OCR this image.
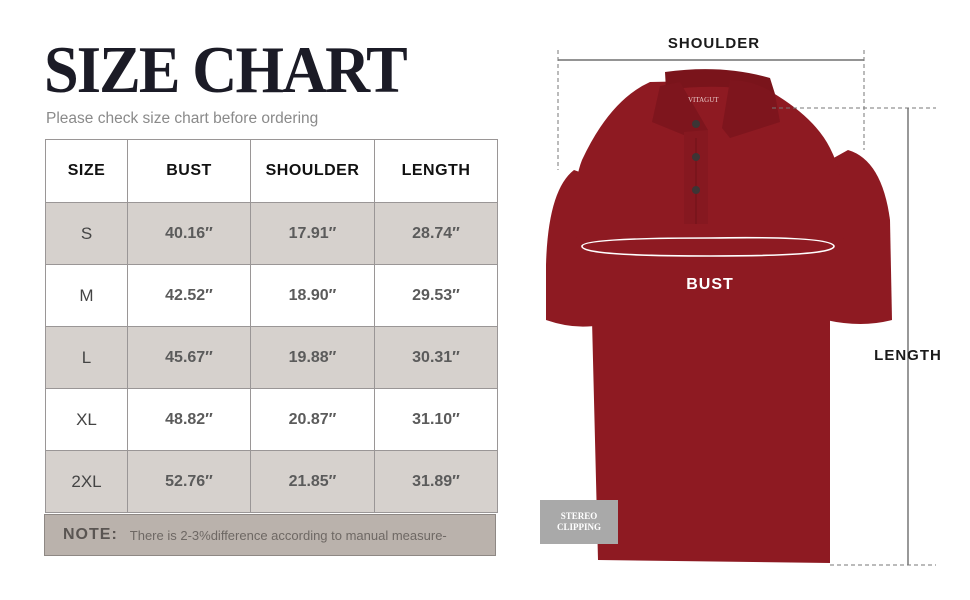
SIZE CHART
Please check size chart before ordering
SIZE	BUST	SHOULDER	LENGTH
S	40.16″	17.91″	28.74″
M	42.52″	18.90″	29.53″
L	45.67″	19.88″	30.31″
XL	48.82″	20.87″	31.10″
2XL	52.76″	21.85″	31.89″
NOTE: There is 2-3%difference according to manual measure-
VITAGUT
BUST
SHOULDER
LENGTH
STEREO
CLIPPING
